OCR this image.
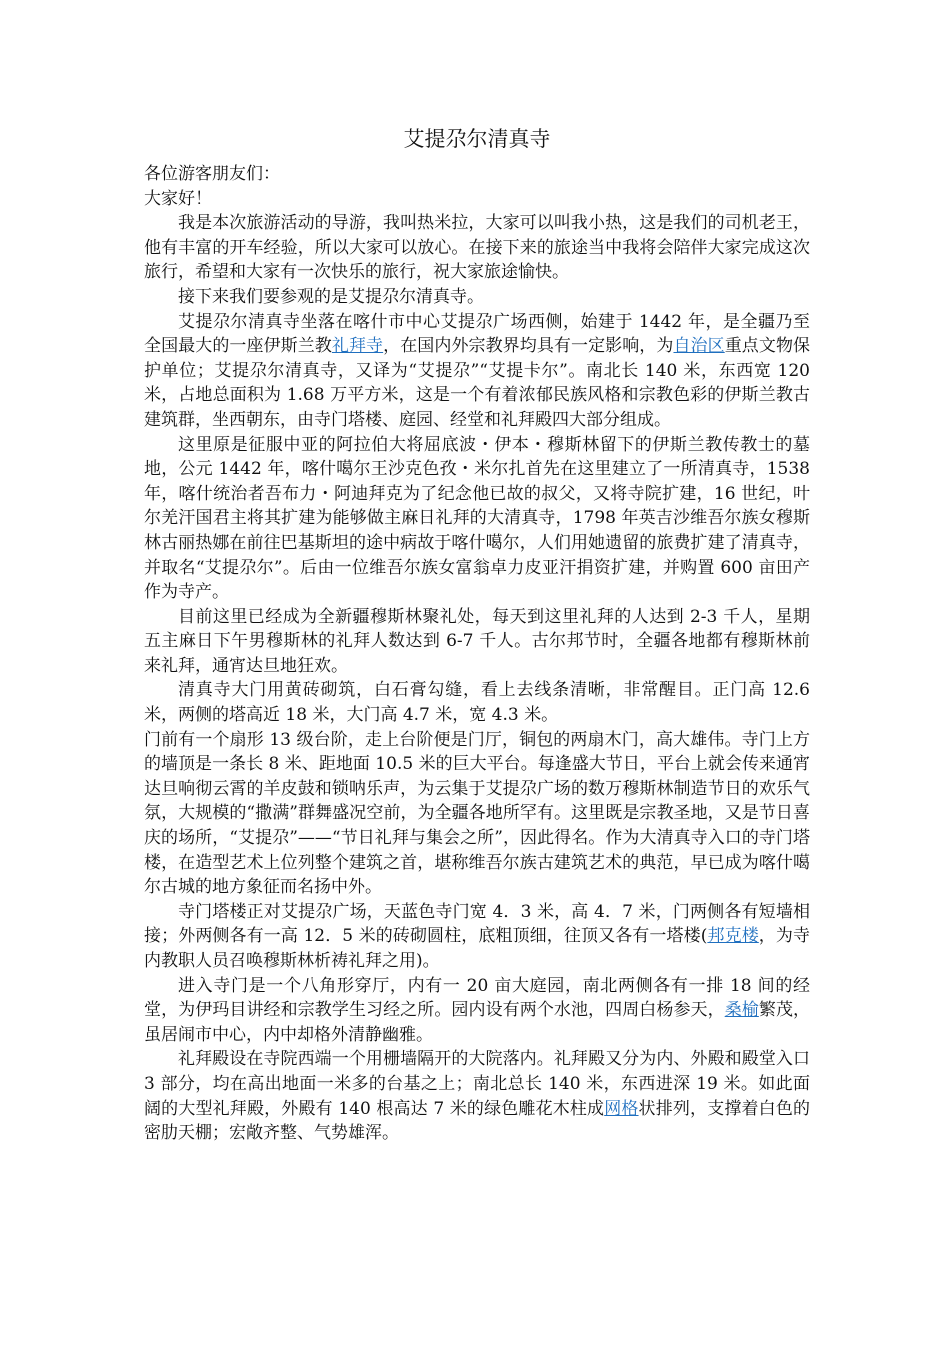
艾提尕尔清真寺

各位游客朋友们：

大家好！

我是本次旅游活动的导游，我叫热米拉，大家可以叫我小热，这是我们的司机老王，他有丰富的开车经验，所以大家可以放心。在接下来的旅途当中我将会陪伴大家完成这次旅行，希望和大家有一次快乐的旅行，祝大家旅途愉快。

接下来我们要参观的是艾提尕尔清真寺。

艾提尕尔清真寺坐落在喀什市中心艾提尕广场西侧，始建于 1442 年，是全疆乃至全国最大的一座伊斯兰教礼拜寺，在国内外宗教界均具有一定影响，为自治区重点文物保护单位；艾提尕尔清真寺，又译为“艾提尕”“艾提卡尔”。南北长 140 米，东西宽 120 米，占地总面积为 1.68 万平方米，这是一个有着浓郁民族风格和宗教色彩的伊斯兰教古建筑群，坐西朝东，由寺门塔楼、庭园、经堂和礼拜殿四大部分组成。

这里原是征服中亚的阿拉伯大将屈底波・伊本・穆斯林留下的伊斯兰教传教士的墓地，公元 1442 年，喀什噶尔王沙克色孜・米尔扎首先在这里建立了一所清真寺，1538 年，喀什统治者吾布力・阿迪拜克为了纪念他已故的叔父，又将寺院扩建，16 世纪，叶尔羌汗国君主将其扩建为能够做主麻日礼拜的大清真寺，1798 年英吉沙维吾尔族女穆斯林古丽热娜在前往巴基斯坦的途中病故于喀什噶尔，人们用她遗留的旅费扩建了清真寺，并取名“艾提尕尔”。后由一位维吾尔族女富翁卓力皮亚汗捐资扩建，并购置 600 亩田产作为寺产。

目前这里已经成为全新疆穆斯林聚礼处，每天到这里礼拜的人达到 2-3 千人，星期五主麻日下午男穆斯林的礼拜人数达到 6-7 千人。古尔邦节时，全疆各地都有穆斯林前来礼拜，通宵达旦地狂欢。

清真寺大门用黄砖砌筑，白石膏勾缝，看上去线条清晰，非常醒目。正门高 12.6 米，两侧的塔高近 18 米，大门高 4.7 米，宽 4.3 米。

门前有一个扇形 13 级台阶，走上台阶便是门厅，铜包的两扇木门，高大雄伟。寺门上方的墙顶是一条长 8 米、距地面 10.5 米的巨大平台。每逢盛大节日，平台上就会传来通宵达旦响彻云霄的羊皮鼓和锁呐乐声，为云集于艾提尕广场的数万穆斯林制造节日的欢乐气氛，大规模的“撒满”群舞盛况空前，为全疆各地所罕有。这里既是宗教圣地，又是节日喜庆的场所，“艾提尕”——“节日礼拜与集会之所”，因此得名。作为大清真寺入口的寺门塔楼，在造型艺术上位列整个建筑之首，堪称维吾尔族古建筑艺术的典范，早已成为喀什噶尔古城的地方象征而名扬中外。

寺门塔楼正对艾提尕广场，天蓝色寺门宽 4．3 米，高 4．7 米，门两侧各有短墙相接；外两侧各有一高 12．5 米的砖砌圆柱，底粗顶细，往顶又各有一塔楼(邦克楼，为寺内教职人员召唤穆斯林析祷礼拜之用)。

进入寺门是一个八角形穿厅，内有一 20 亩大庭园，南北两侧各有一排 18 间的经堂，为伊玛目讲经和宗教学生习经之所。园内设有两个水池，四周白杨参天，桑榆繁茂，虽居闹市中心，内中却格外清静幽雅。

礼拜殿设在寺院西端一个用栅墙隔开的大院落内。礼拜殿又分为内、外殿和殿堂入口 3 部分，均在高出地面一米多的台基之上；南北总长 140 米，东西进深 19 米。如此面阔的大型礼拜殿，外殿有 140 根高达 7 米的绿色雕花木柱成网格状排列，支撑着白色的密肋天棚；宏敞齐整、气势雄浑。
